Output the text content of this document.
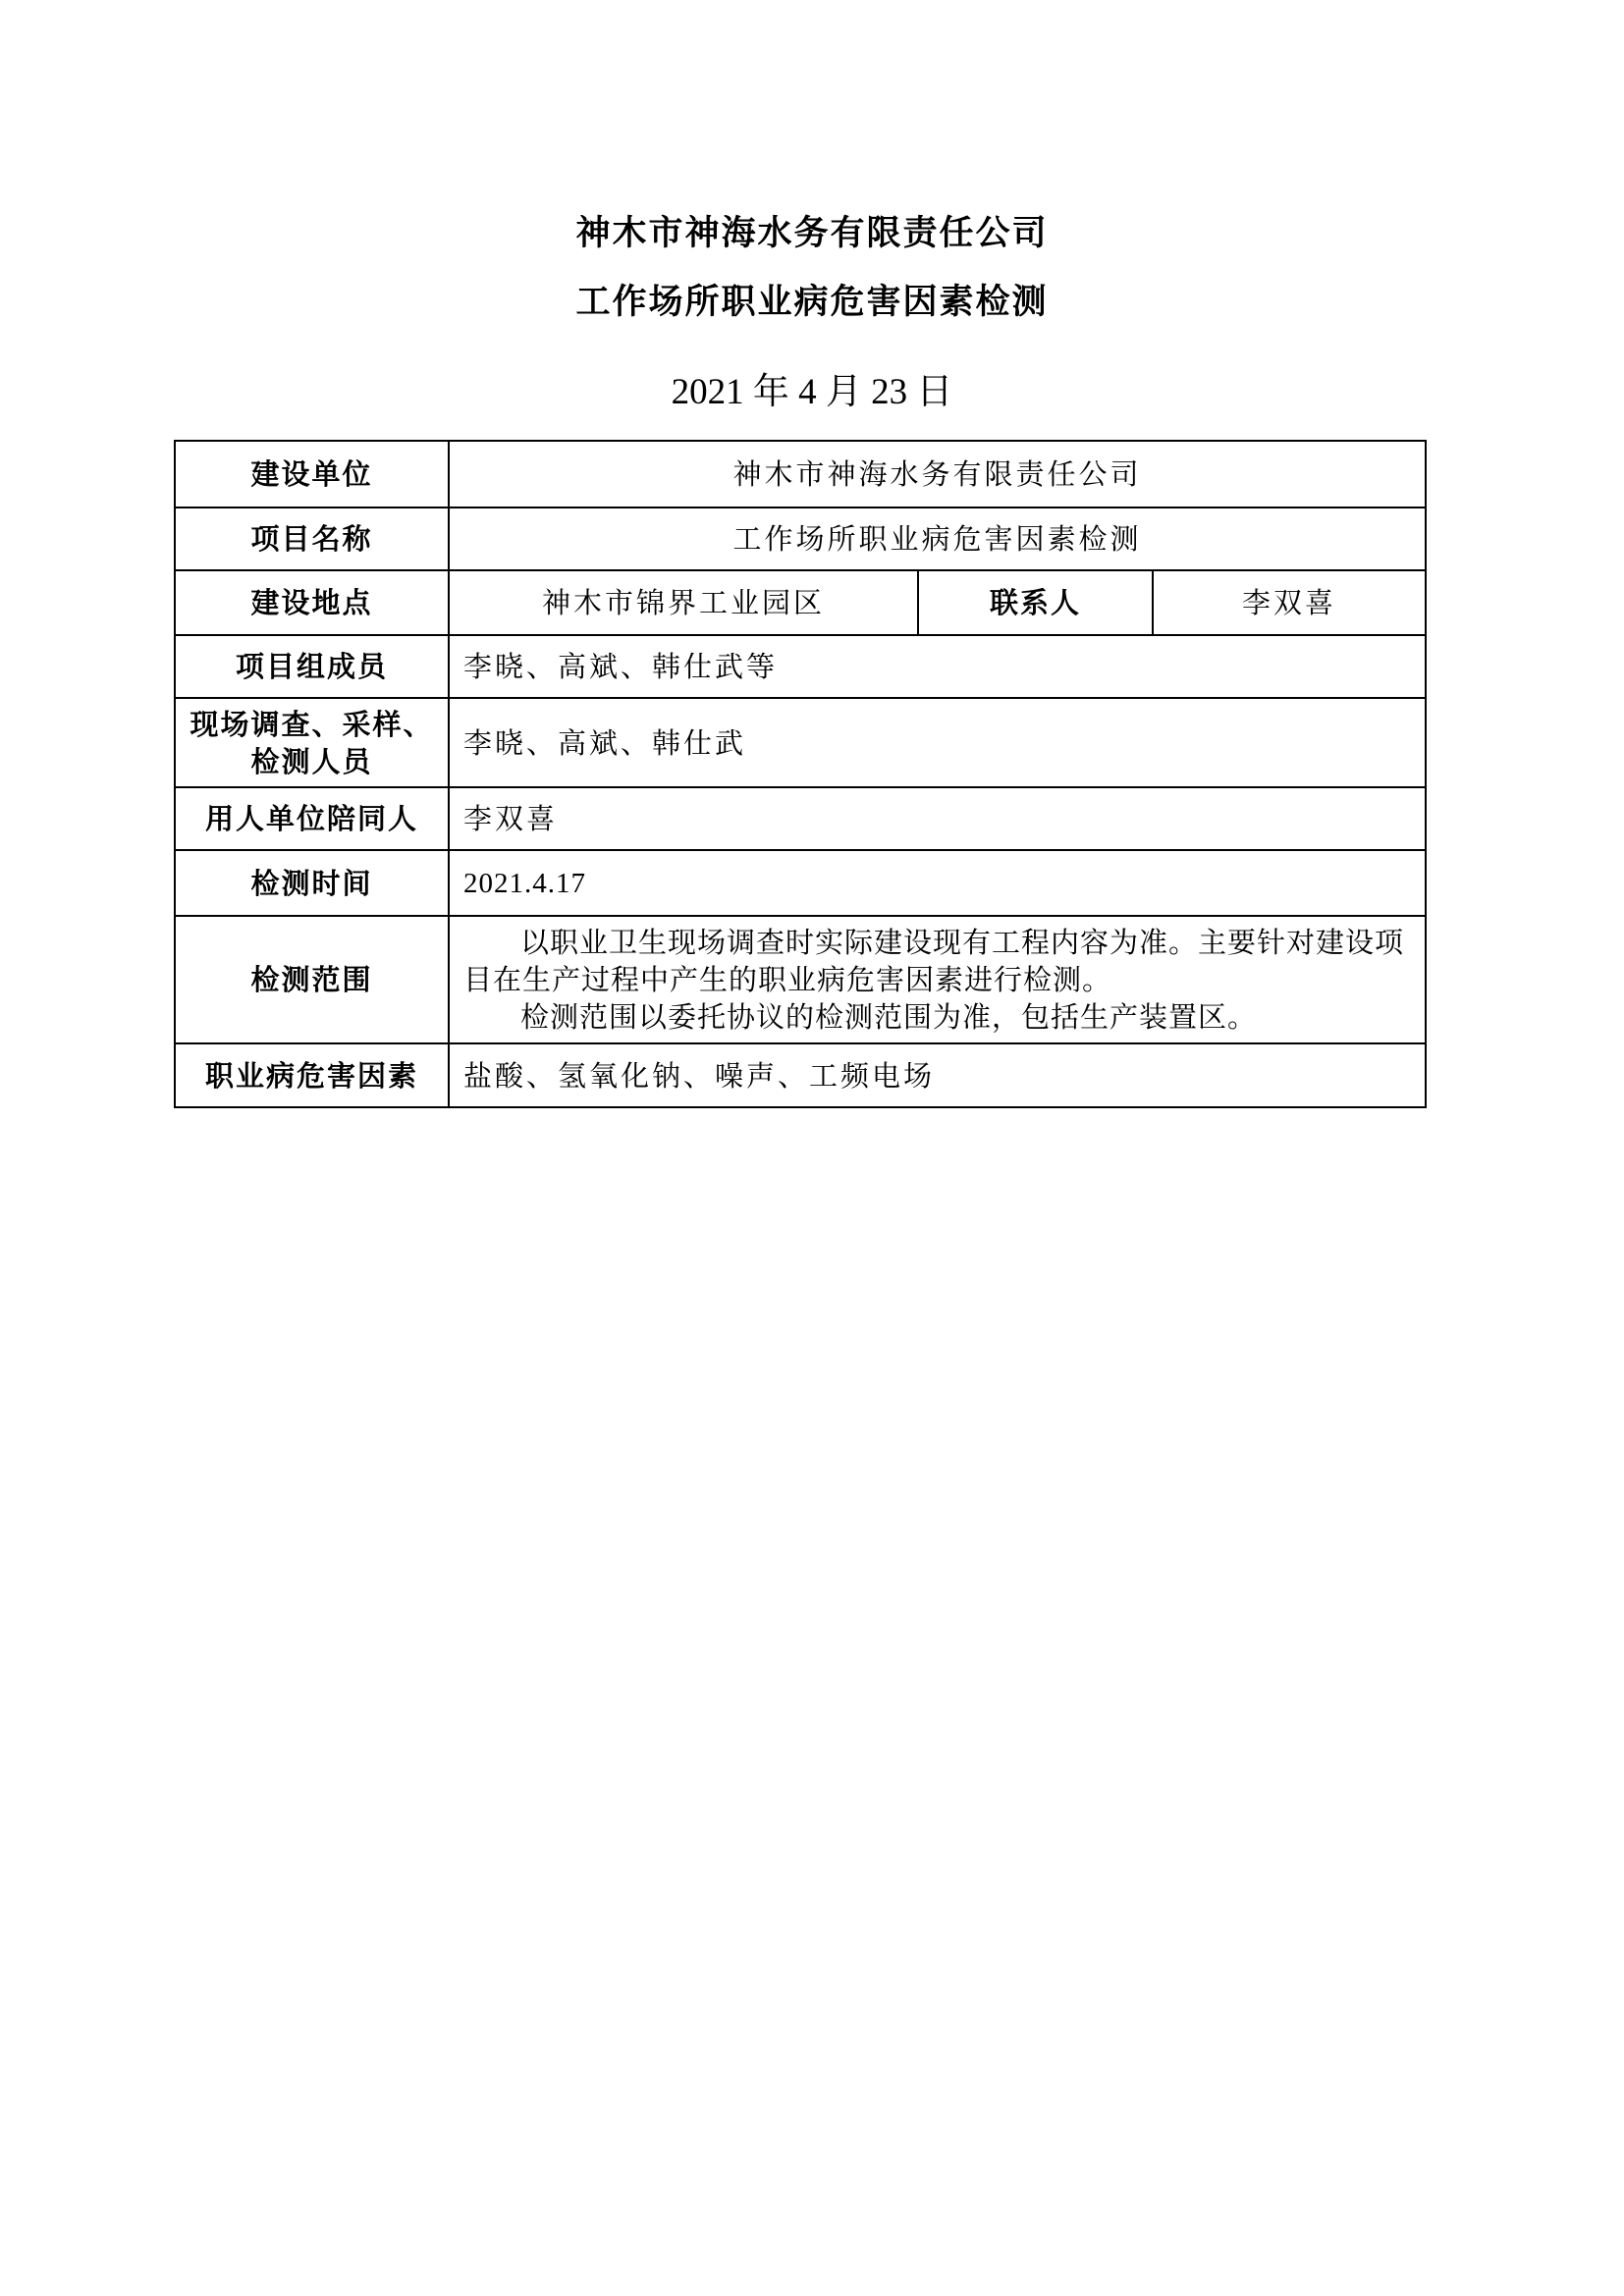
神木市神海水务有限责任公司
工作场所职业病危害因素检测
2021 年 4 月 23 日
建设单位	神木市神海水务有限责任公司		
项目名称	工作场所职业病危害因素检测		
建设地点	神木市锦界工业园区	联系人	李双喜
项目组成员	李晓、高斌、韩仕武等		

现场调查、采样、
检测人员	李晓、高斌、韩仕武		
用人单位陪同人	李双喜		
检测时间	2021.4.17		
检测范围	以职业卫生现场调查时实际建设现有工程内容为准。主要针对建设项目在生产过程中产生的职业病危害因素进行检测。

检测范围以委托协议的检测范围为准，包括生产装置区。		

职业病危害因素	盐酸、氢氧化钠、噪声、工频电场		
